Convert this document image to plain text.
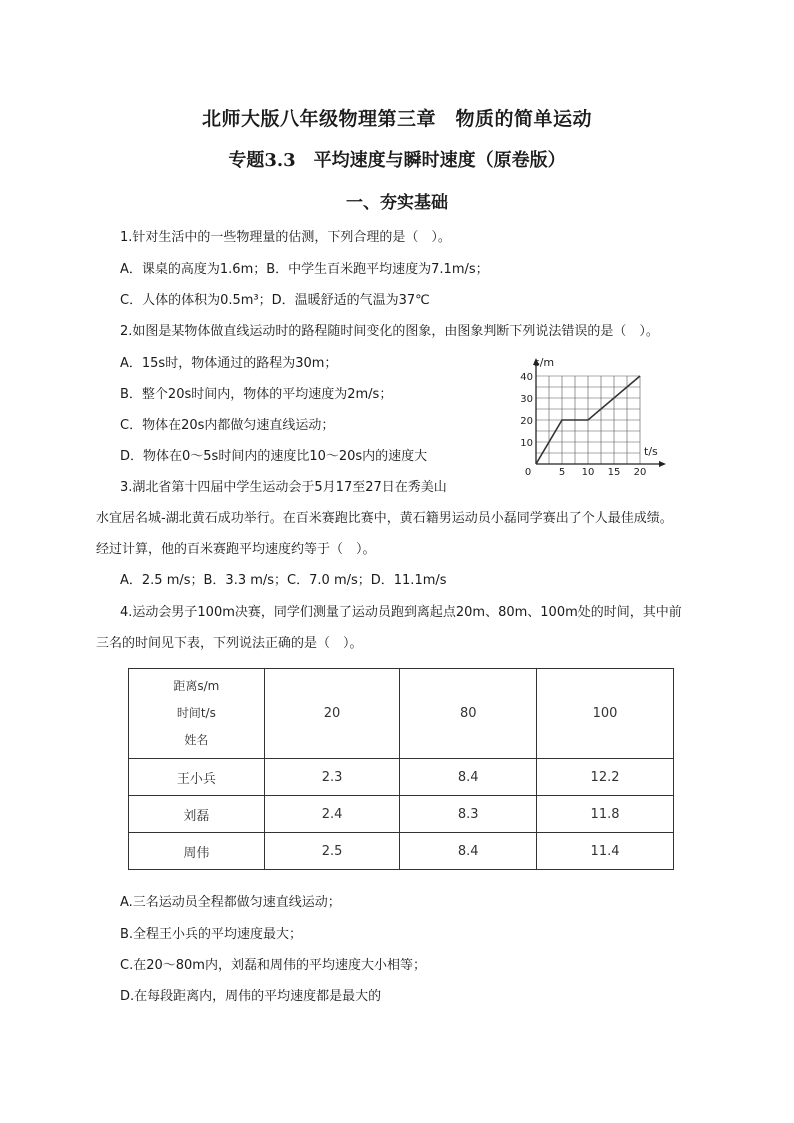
北师大版八年级物理第三章　物质的简单运动
专题3.3　平均速度与瞬时速度（原卷版）
一、夯实基础
1.针对生活中的一些物理量的估测，下列合理的是（　）。
A．课桌的高度为1.6m；B．中学生百米跑平均速度为7.1m/s；
C．人体的体积为0.5m³；D．温暖舒适的气温为37℃
2.如图是某物体做直线运动时的路程随时间变化的图象，由图象判断下列说法错误的是（　）。
A．15s时，物体通过的路程为30m；
B．整个20s时间内，物体的平均速度为2m/s；
C．物体在20s内都做匀速直线运动；
D．物体在0～5s时间内的速度比10～20s内的速度大
0	5 10 15 20
10
20
30
40
s/m
t/s
3.湖北省第十四届中学生运动会于5月17至27日在秀美山
水宜居名城-湖北黄石成功举行。在百米赛跑比赛中，黄石籍男运动员小磊同学赛出了个人最佳成绩。
经过计算，他的百米赛跑平均速度约等于（　）。
A．2.5 m/s；B．3.3 m/s；C．7.0 m/s；D．11.1m/s
4.运动会男子100m决赛，同学们测量了运动员跑到离起点20m、80m、100m处的时间，其中前
三名的时间见下表，下列说法正确的是（　）。
距离s/m
时间t/s
姓名	20	80	100
王小兵	2.3	8.4	12.2
刘磊	2.4	8.3	11.8
周伟	2.5	8.4	11.4
A.三名运动员全程都做匀速直线运动；
B.全程王小兵的平均速度最大；
C.在20～80m内，刘磊和周伟的平均速度大小相等；
D.在每段距离内，周伟的平均速度都是最大的
